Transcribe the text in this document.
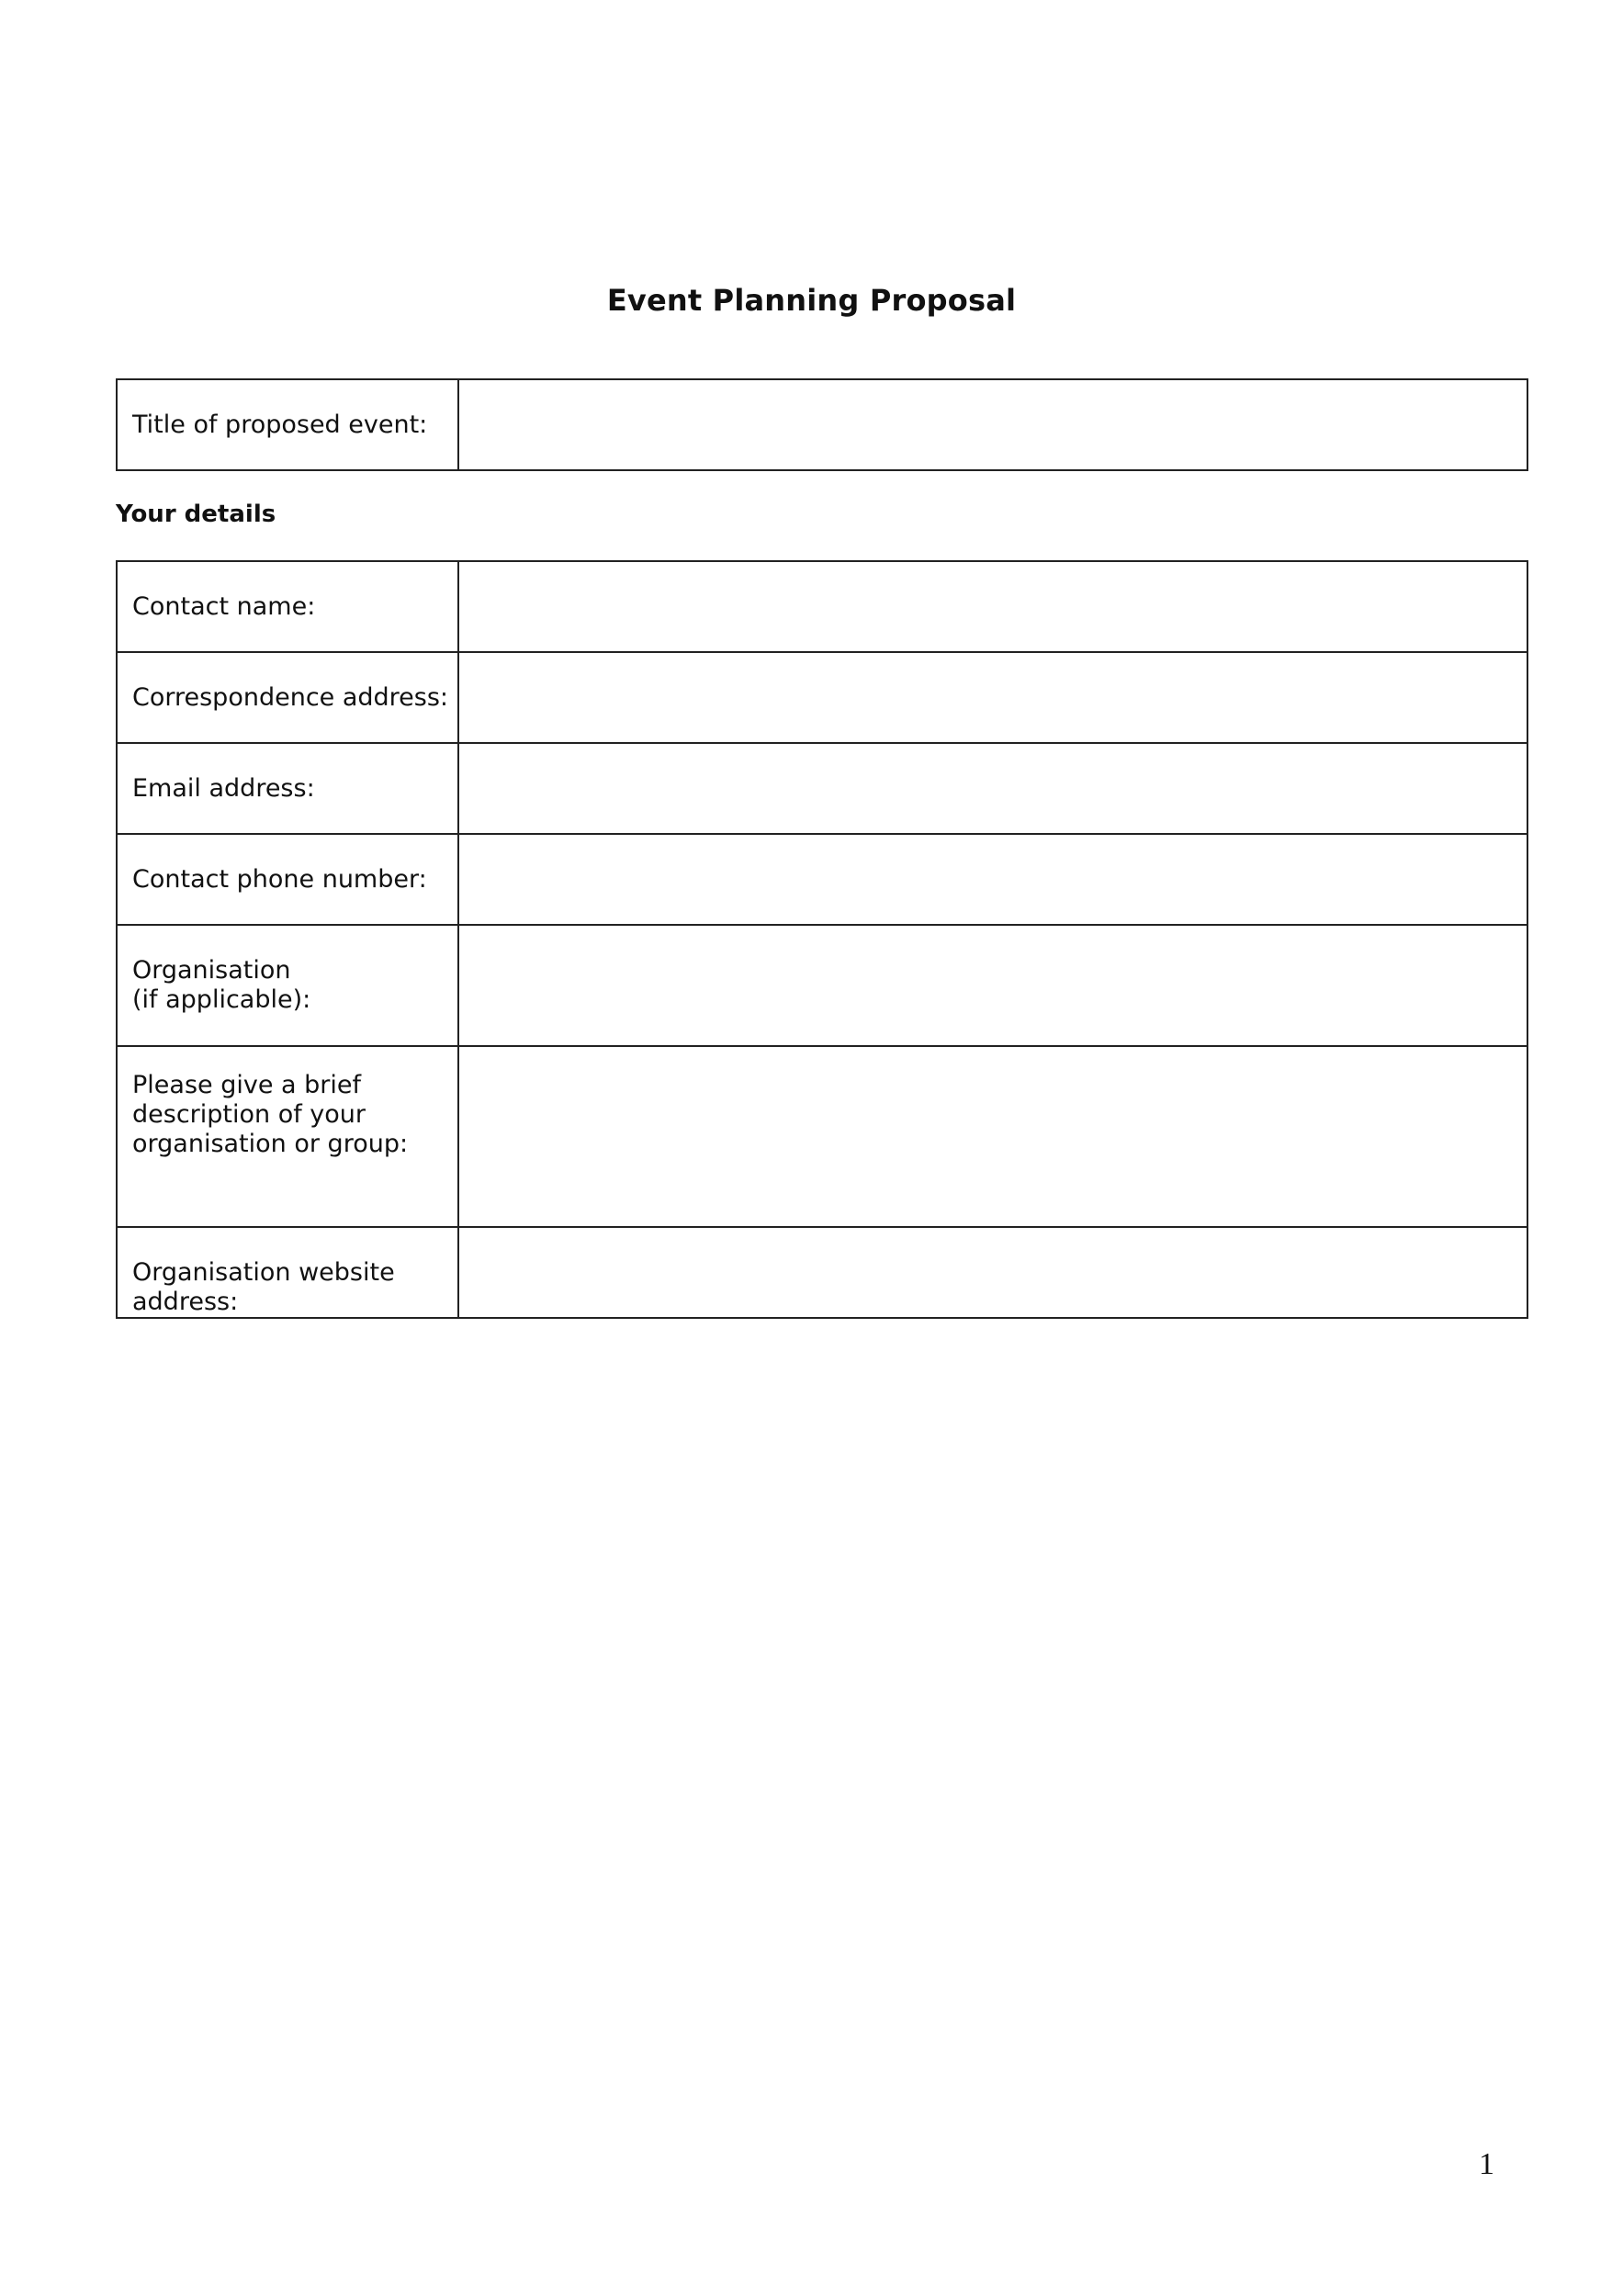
Event Planning Proposal
Title of proposed event:	
Your details
Contact name:	

Correspondence address:	

Email address:	

Contact phone number:	

Organisation
(if applicable):	

Please give a brief
description of your
organisation or group:	

Organisation website
address:	
1
